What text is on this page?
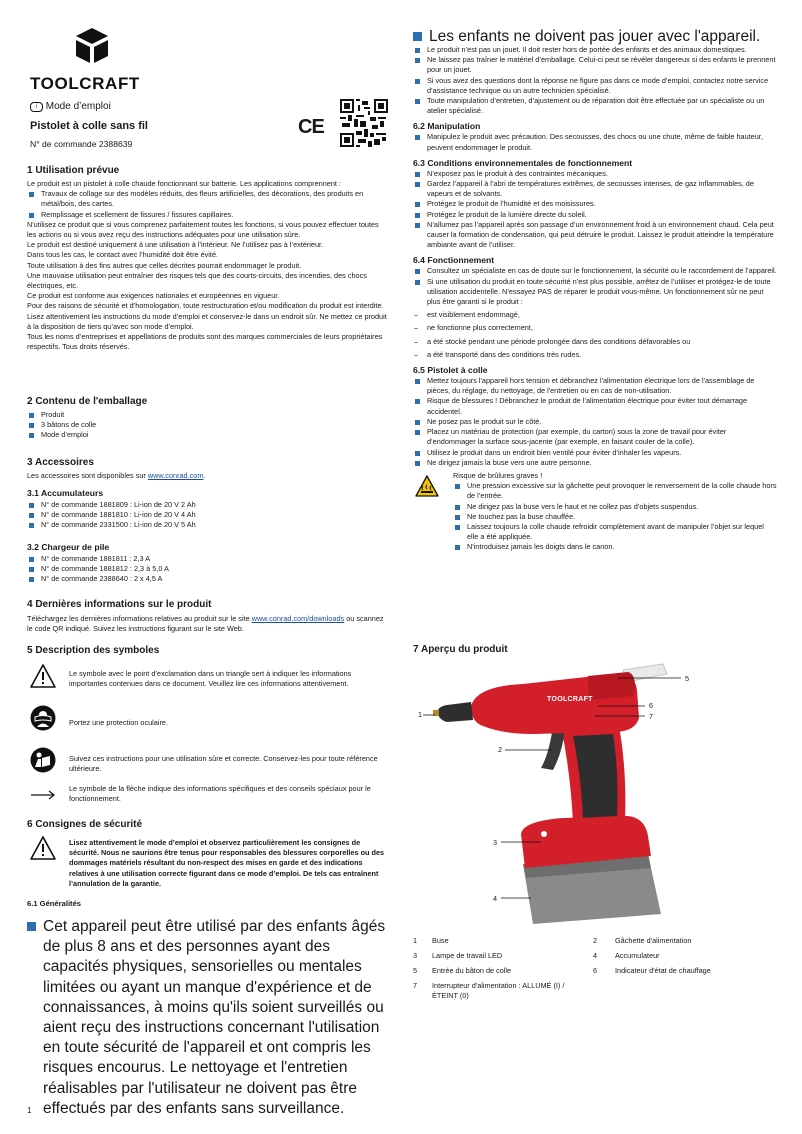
TOOLCRAFT
i Mode d’emploi
Pistolet à colle sans fil
N° de commande 2388639
CE
1 Utilisation prévue
Le produit est un pistolet à colle chaude fonctionnant sur batterie. Les applications comprennent :
Travaux de collage sur des modèles réduits, des fleurs artificielles, des décorations, des produits en métal/bois, des cartes.
Remplissage et scellement de fissures / fissures capillaires.
N'utilisez ce produit que si vous comprenez parfaitement toutes les fonctions, si vous pouvez effectuer toutes les actions ou si vous avez reçu des instructions adéquates pour une utilisation sûre.
Le produit est destiné uniquement à une utilisation à l’intérieur. Ne l’utilisez pas à l’extérieur.
Dans tous les cas, le contact avec l’humidité doit être évité.
Toute utilisation à des fins autres que celles décrites pourrait endommager le produit.
Une mauvaise utilisation peut entraîner des risques tels que des courts-circuits, des incendies, des chocs électriques, etc.
Ce produit est conforme aux exigences nationales et européennes en vigueur.
Pour des raisons de sécurité et d’homologation, toute restructuration et/ou modification du produit est interdite.
Lisez attentivement les instructions du mode d’emploi et conservez-le dans un endroit sûr. Ne mettez ce produit à la disposition de tiers qu’avec son mode d’emploi.
Tous les noms d’entreprises et appellations de produits sont des marques commerciales de leurs propriétaires respectifs. Tous droits réservés.
2 Contenu de l'emballage
Produit
3 bâtons de colle
Mode d’emploi
3 Accessoires
Les accessoires sont disponibles sur www.conrad.com.
3.1 Accumulateurs
N° de commande 1881809 : Li-ion de 20 V 2 Ah
N° de commande 1881810 : Li-ion de 20 V 4 Ah
N° de commande 2331500 : Li-ion de 20 V 5 Ah
3.2 Chargeur de pile
N° de commande 1881811 : 2,3 A
N° de commande 1881812 : 2,3 à 5,0 A
N° de commande 2388640 : 2 x 4,5 A
4 Dernières informations sur le produit
Téléchargez les dernières informations relatives au produit sur le site www.conrad.com/downloads ou scannez le code QR indiqué. Suivez les instructions figurant sur le site Web.
5 Description des symboles
Le symbole avec le point d’exclamation dans un triangle sert à indiquer les informations importantes contenues dans ce document. Veuillez lire ces informations attentivement.
Portez une protection oculaire.
Suivez ces instructions pour une utilisation sûre et correcte. Conservez-les pour toute référence ultérieure.
Le symbole de la flèche indique des informations spécifiques et des conseils spéciaux pour le fonctionnement.
6 Consignes de sécurité
Lisez attentivement le mode d’emploi et observez particulièrement les consignes de sécurité. Nous ne saurions être tenus pour responsables des blessures corporelles ou des dommages matériels résultant du non-respect des mises en garde et des indications relatives à une utilisation correcte figurant dans ce mode d’emploi. De tels cas entraînent l’annulation de la garantie.
6.1 Généralités
Cet appareil peut être utilisé par des enfants âgés de plus 8 ans et des personnes ayant des capacités physiques, sensorielles ou mentales limitées ou ayant un manque d'expérience et de connaissances, à moins qu'ils soient surveillés ou aient reçu des instructions concernant l'utilisation en toute sécurité de l'appareil et ont compris les risques encourus. Le nettoyage et l'entretien réalisables par l'utilisateur ne doivent pas être effectués par des enfants sans surveillance.
1
Les enfants ne doivent pas jouer avec l'appareil.
Le produit n’est pas un jouet. Il doit rester hors de portée des enfants et des animaux domestiques.
Ne laissez pas traîner le matériel d’emballage. Celui-ci peut se révéler dangereux si des enfants le prennent pour un jouet.
Si vous avez des questions dont la réponse ne figure pas dans ce mode d’emploi, contactez notre service d’assistance technique ou un autre technicien spécialisé.
Toute manipulation d’entretien, d’ajustement ou de réparation doit être effectuée par un spécialiste ou un atelier spécialisé.
6.2 Manipulation
Manipulez le produit avec précaution. Des secousses, des chocs ou une chute, même de faible hauteur, peuvent endommager le produit.
6.3 Conditions environnementales de fonctionnement
N’exposez pas le produit à des contraintes mécaniques.
Gardez l’appareil à l’abri de températures extrêmes, de secousses intenses, de gaz inflammables, de vapeurs et de solvants.
Protégez le produit de l’humidité et des moisissures.
Protégez le produit de la lumière directe du soleil.
N’allumez pas l’appareil après son passage d’un environnement froid à un environnement chaud. Cela peut causer la formation de condensation, qui peut détruire le produit. Laissez le produit atteindre la température ambiante avant de l’utiliser.
6.4 Fonctionnement
Consultez un spécialiste en cas de doute sur le fonctionnement, la sécurité ou le raccordement de l’appareil.
Si une utilisation du produit en toute sécurité n’est plus possible, arrêtez de l’utiliser et protégez-le de toute utilisation accidentelle. N’essayez PAS de réparer le produit vous-même. Un fonctionnement sûr ne peut plus être garanti si le produit :
– est visiblement endommagé,
– ne fonctionne plus correctement,
– a été stocké pendant une période prolongée dans des conditions défavorables ou
– a été transporté dans des conditions très rudes.
6.5 Pistolet à colle
Mettez toujours l'appareil hors tension et débranchez l'alimentation électrique lors de l'assemblage de pièces, du réglage, du nettoyage, de l'entretien ou en cas de non-utilisation.
Risque de blessures ! Débranchez le produit de l’alimentation électrique pour éviter tout démarrage accidentel.
Ne posez pas le produit sur le côté.
Placez un matériau de protection (par exemple, du carton) sous la zone de travail pour éviter d’endommager la surface sous-jacente (par exemple, en faisant couler de la colle).
Utilisez le produit dans un endroit bien ventilé pour éviter d’inhaler les vapeurs.
Ne dirigez jamais la buse vers une autre personne.
Risque de brûlures graves !
Une pression excessive sur la gâchette peut provoquer le renversement de la colle chaude hors de l’entrée.
Ne dirigez pas la buse vers le haut et ne collez pas d’objets suspendus.
Ne touchez pas la buse chauffée.
Laissez toujours la colle chaude refroidir complètement avant de manipuler l’objet sur lequel elle a été appliquée.
N'introduisez jamais les doigts dans le canon.
7 Aperçu du produit
TOOLCRAFT
1
2
3
4
5
6
7
1 Buse	2 Gâchette d'alimentation
3 Lampe de travail LED	4 Accumulateur
5 Entrée du bâton de colle	6 Indicateur d'état de chauffage
7 Interrupteur d'alimentation : ALLUMÉ (I) / ÉTEINT (0)
